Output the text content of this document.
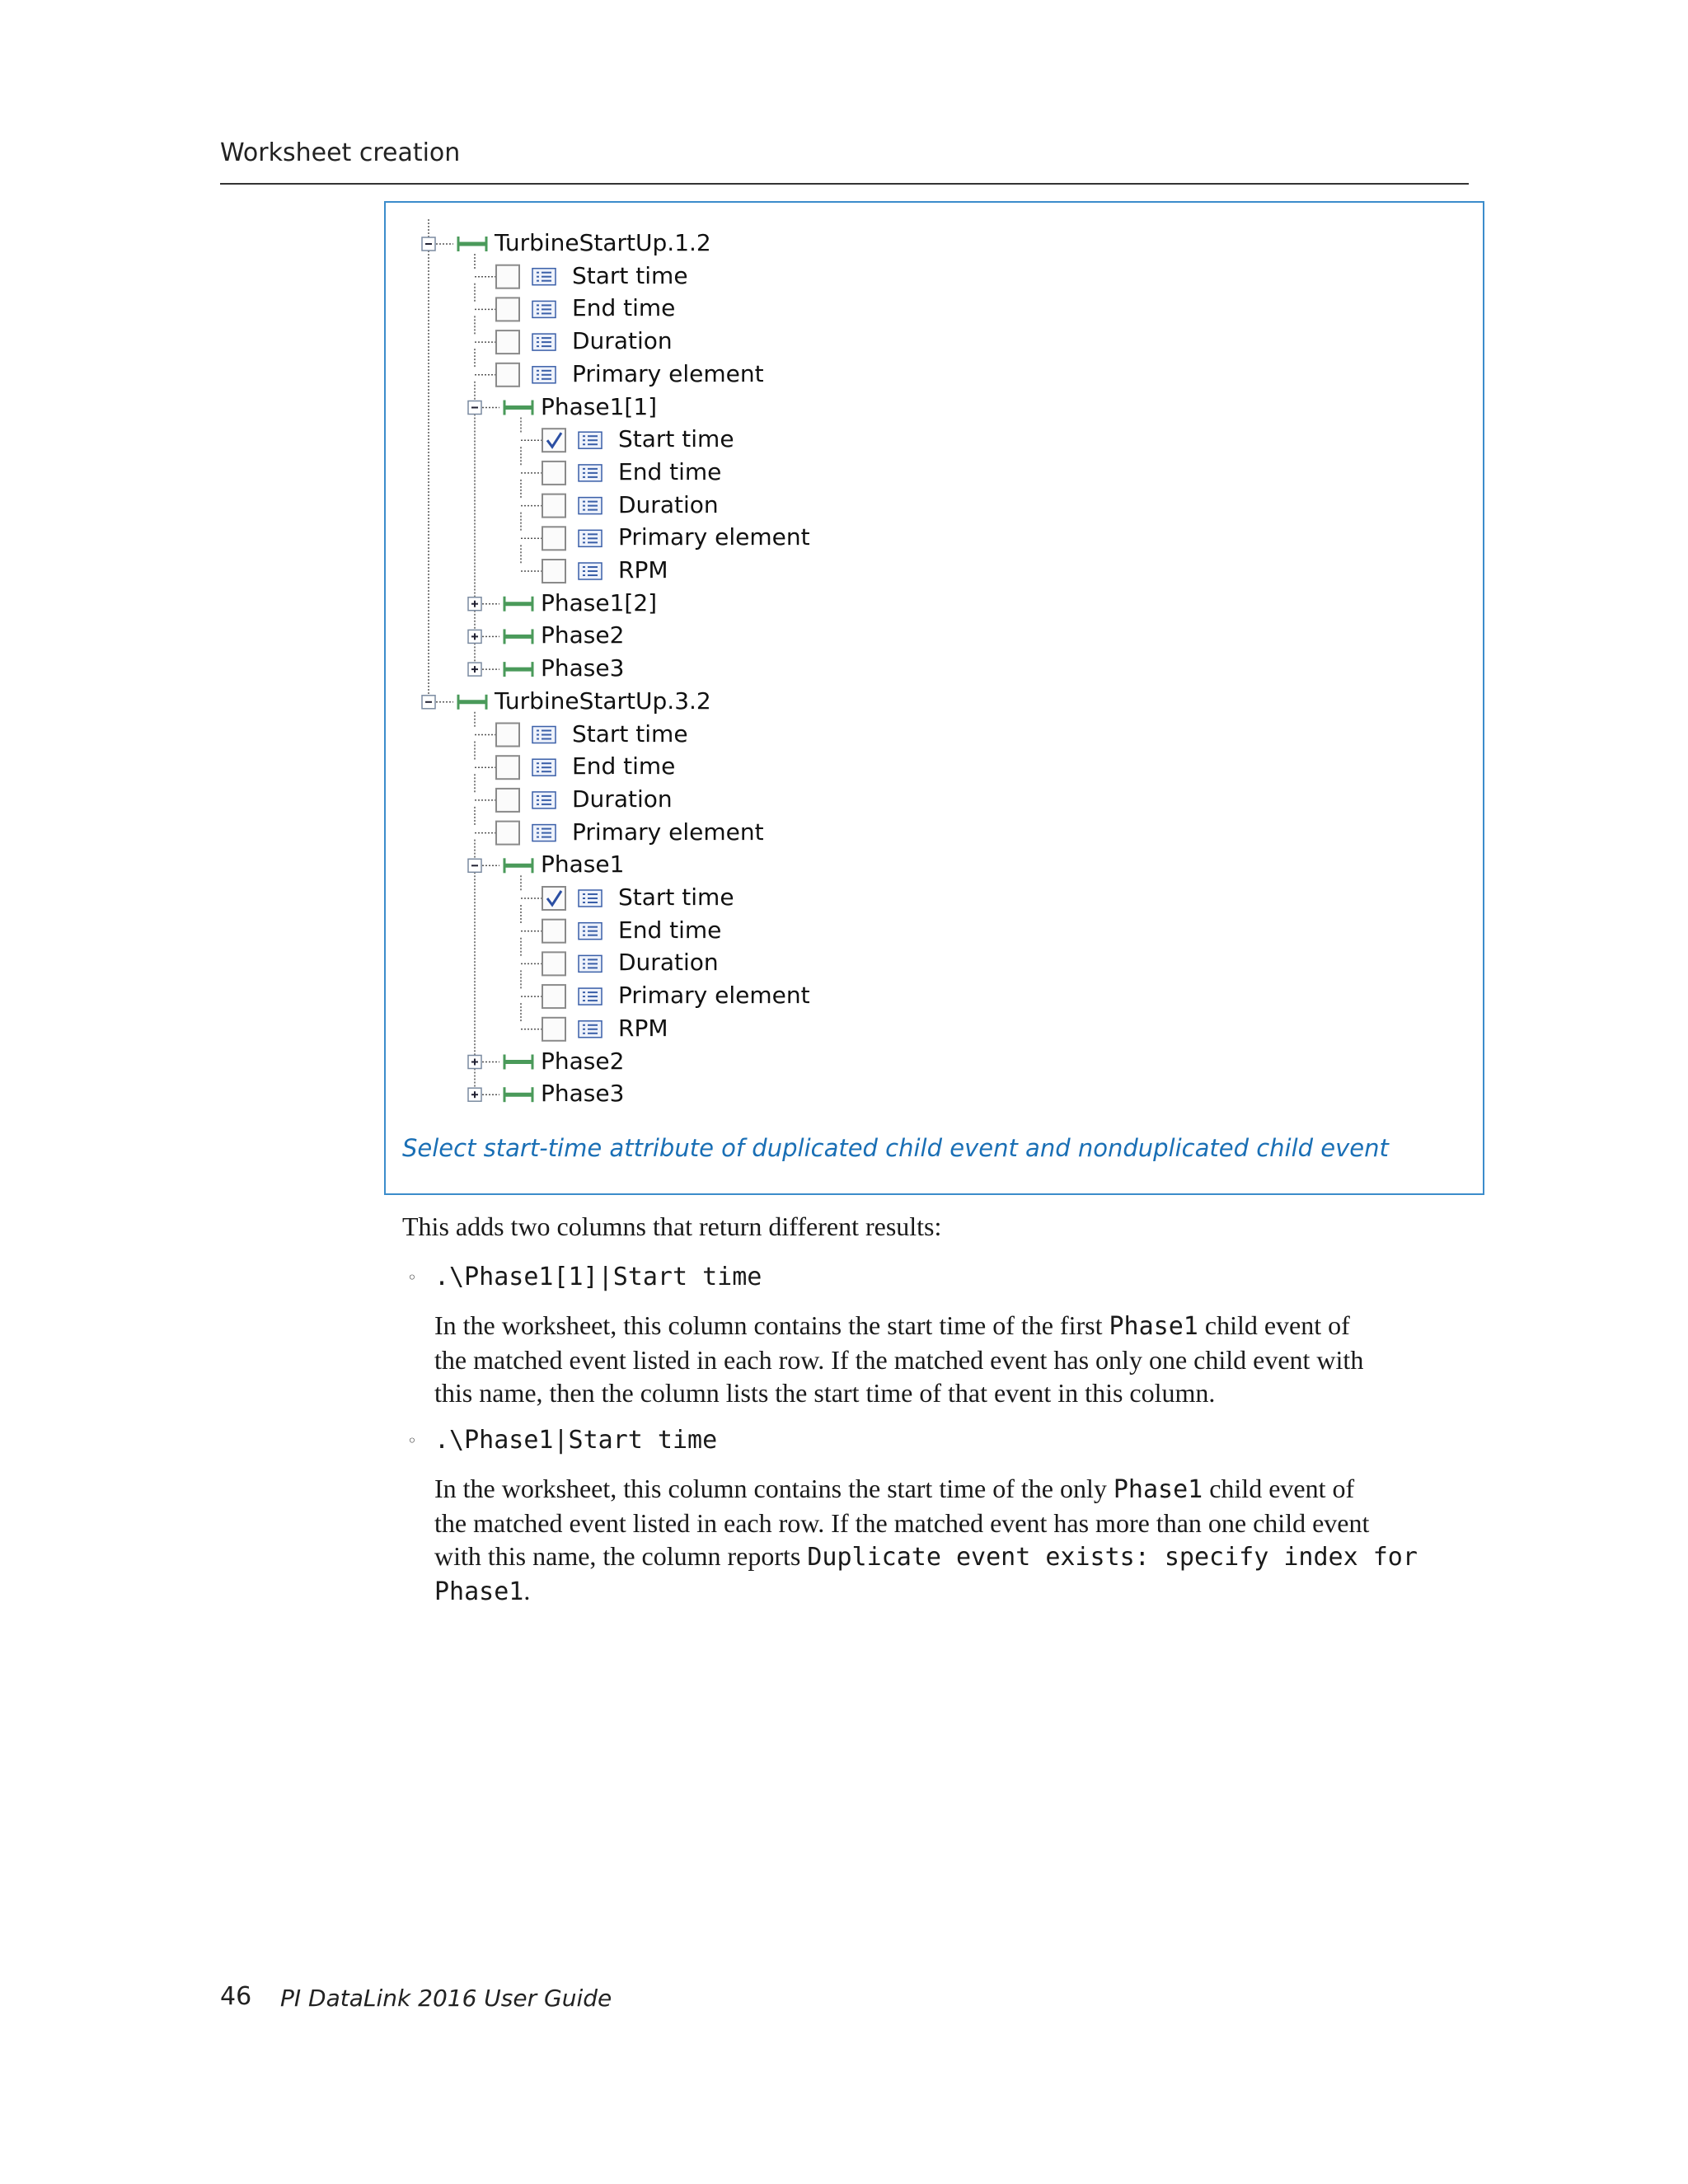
Worksheet creation
TurbineStartUp.1.2
Start time
End time
Duration
Primary element
Phase1[1]
Start time
End time
Duration
Primary element
RPM
Phase1[2]
Phase2
Phase3
TurbineStartUp.3.2
Start time
End time
Duration
Primary element
Phase1
Start time
End time
Duration
Primary element
RPM
Phase2
Phase3
Select start-time attribute of duplicated child event and nonduplicated child event
This adds two columns that return different results:
◦ .\Phase1[1]|Start time
In the worksheet, this column contains the start time of the first Phase1 child event of
the matched event listed in each row. If the matched event has only one child event with
this name, then the column lists the start time of that event in this column.
◦ .\Phase1|Start time
In the worksheet, this column contains the start time of the only Phase1 child event of
the matched event listed in each row. If the matched event has more than one child event
with this name, the column reports Duplicate event exists: specify index for
Phase1.
46 PI DataLink 2016 User Guide
